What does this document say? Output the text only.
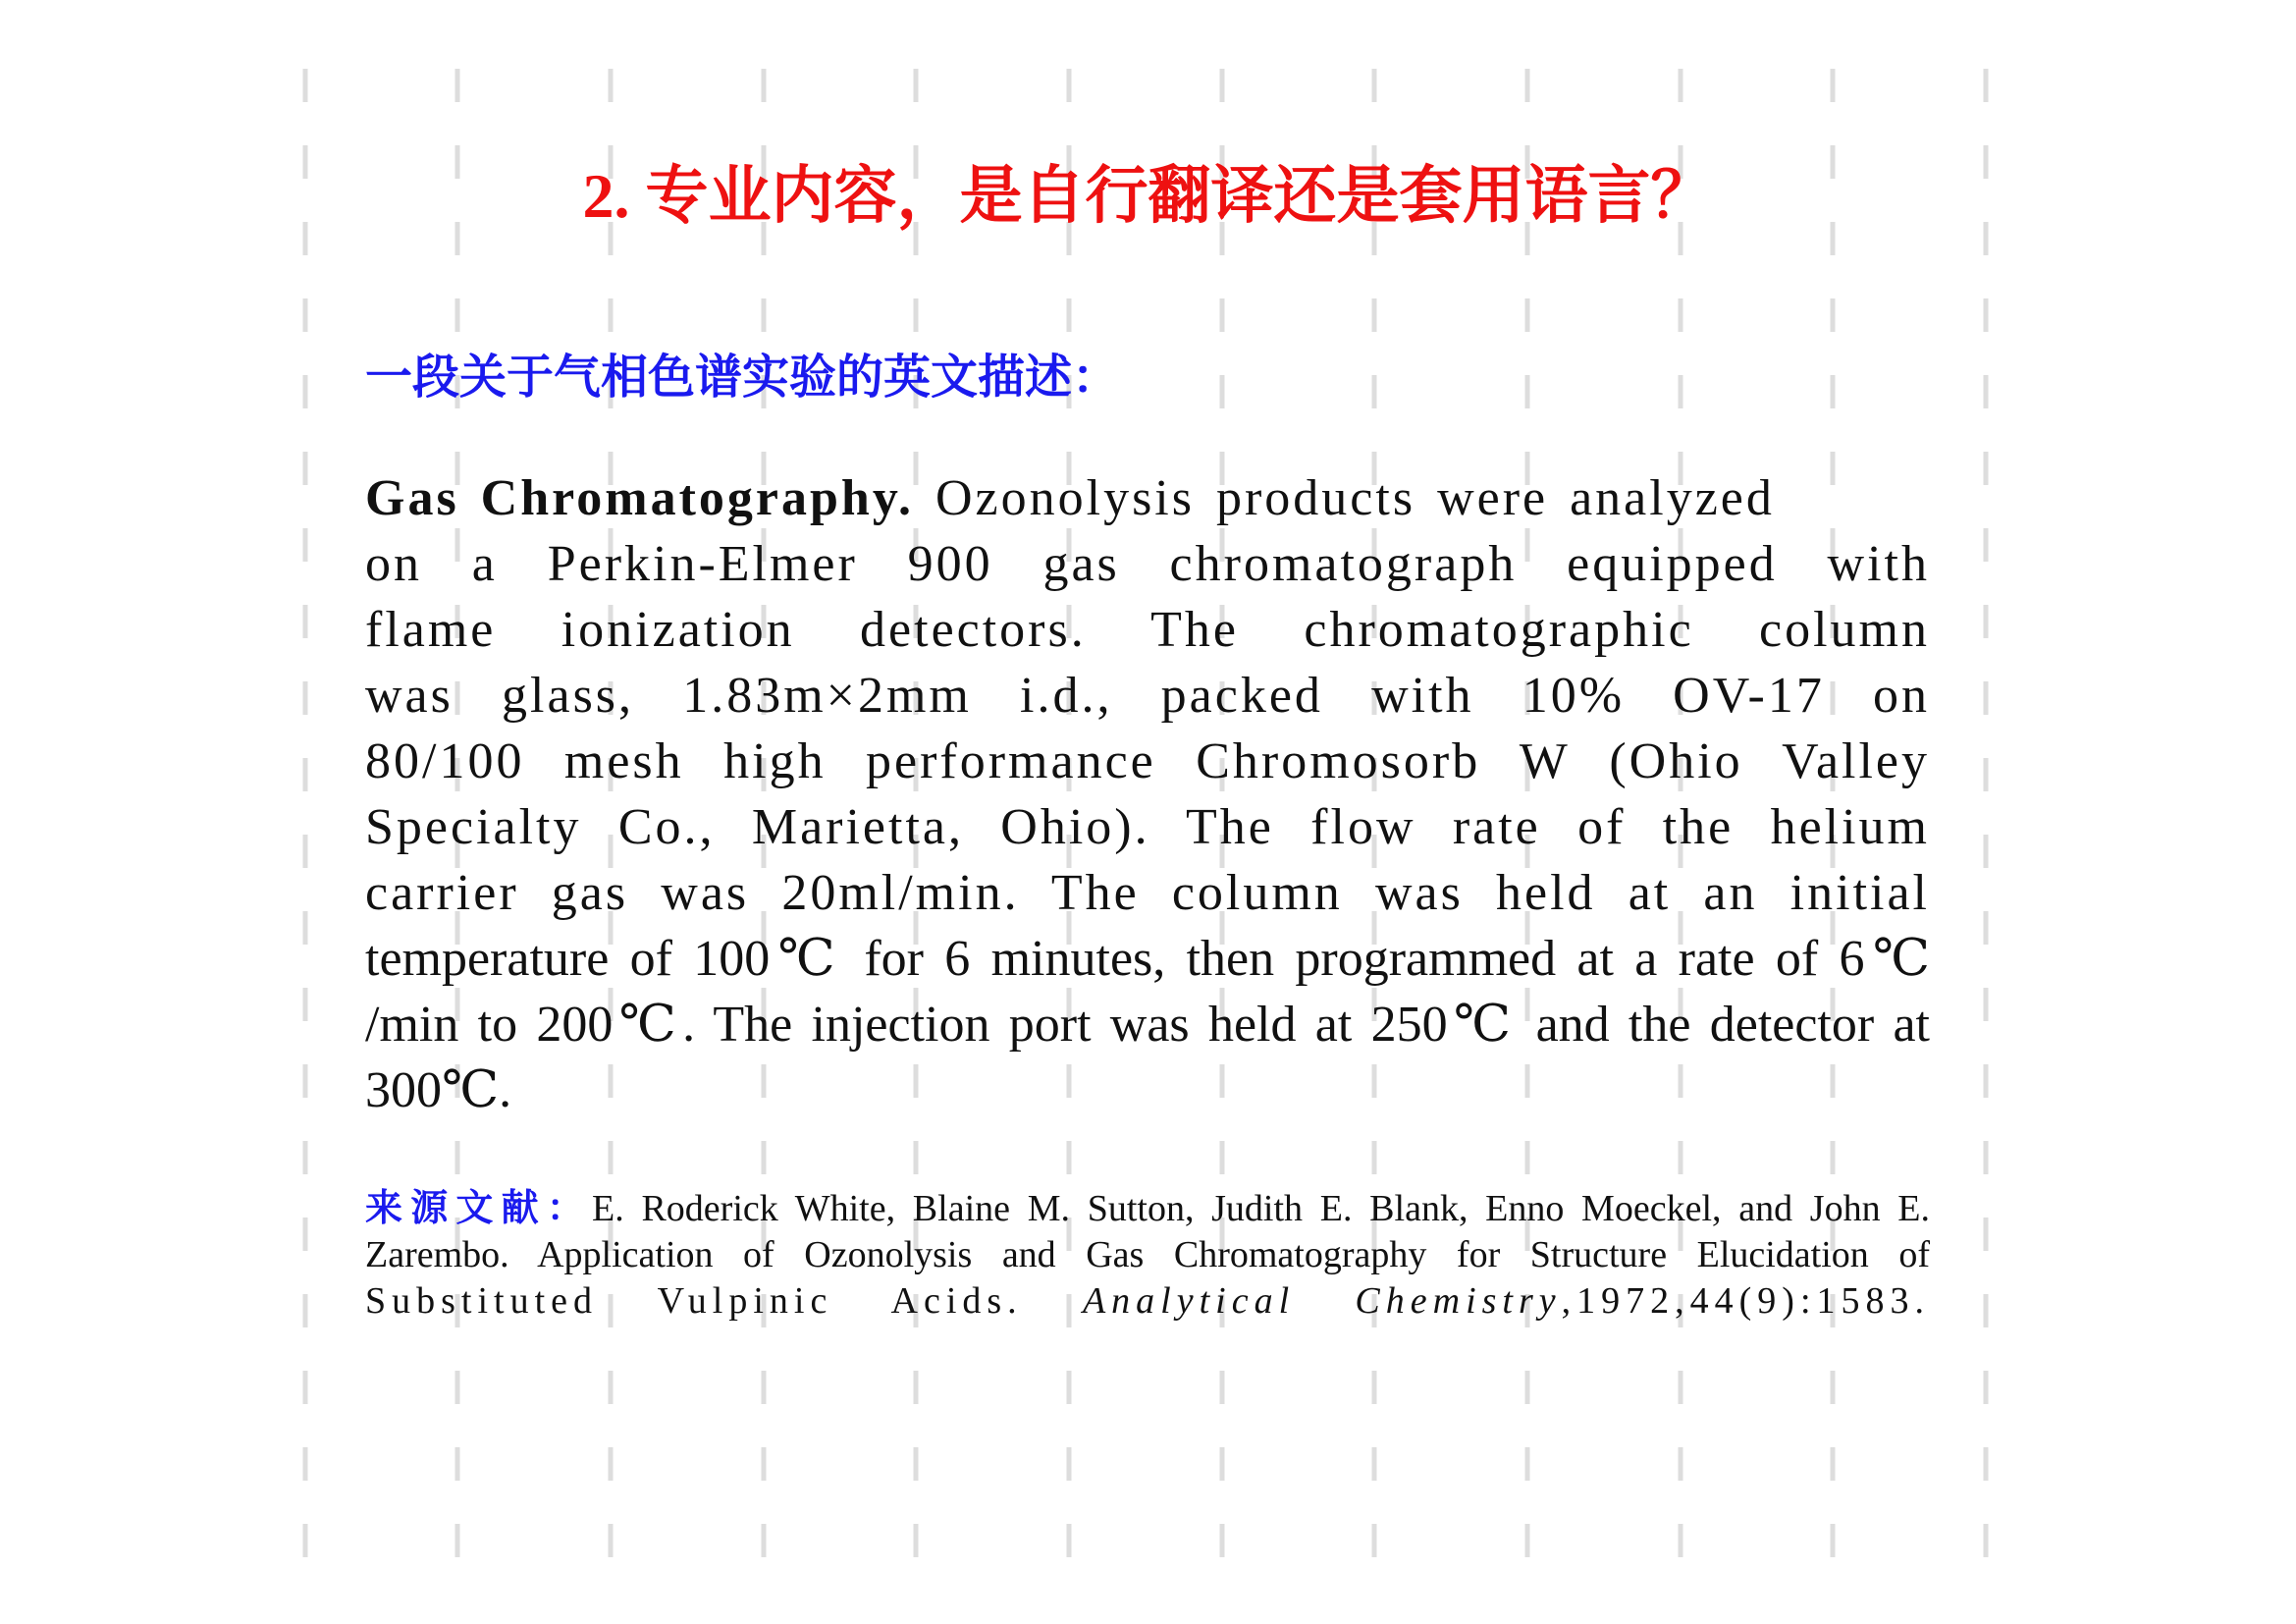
2. 专业内容，是自行翻译还是套用语言？
一段关于气相色谱实验的英文描述：
Gas Chromatography. Ozonolysis products were analyzed
on a Perkin-Elmer 900 gas chromatograph equipped with
flame ionization detectors. The chromatographic column
was glass, 1.83m×2mm i.d., packed with 10% OV-17 on
80/100 mesh high performance Chromosorb W (Ohio Valley
Specialty Co., Marietta, Ohio). The flow rate of the helium
carrier gas was 20ml/min. The column was held at an initial
temperature of 100℃ for 6 minutes, then programmed at a rate of 6℃
/min to 200℃. The injection port was held at 250℃ and the detector at
300℃.
来源文献：E. Roderick White, Blaine M. Sutton, Judith E. Blank, Enno Moeckel, and John E.
Zarembo. Application of Ozonolysis and Gas Chromatography for Structure Elucidation of
Substituted Vulpinic Acids. Analytical Chemistry,1972,44(9):1583.
